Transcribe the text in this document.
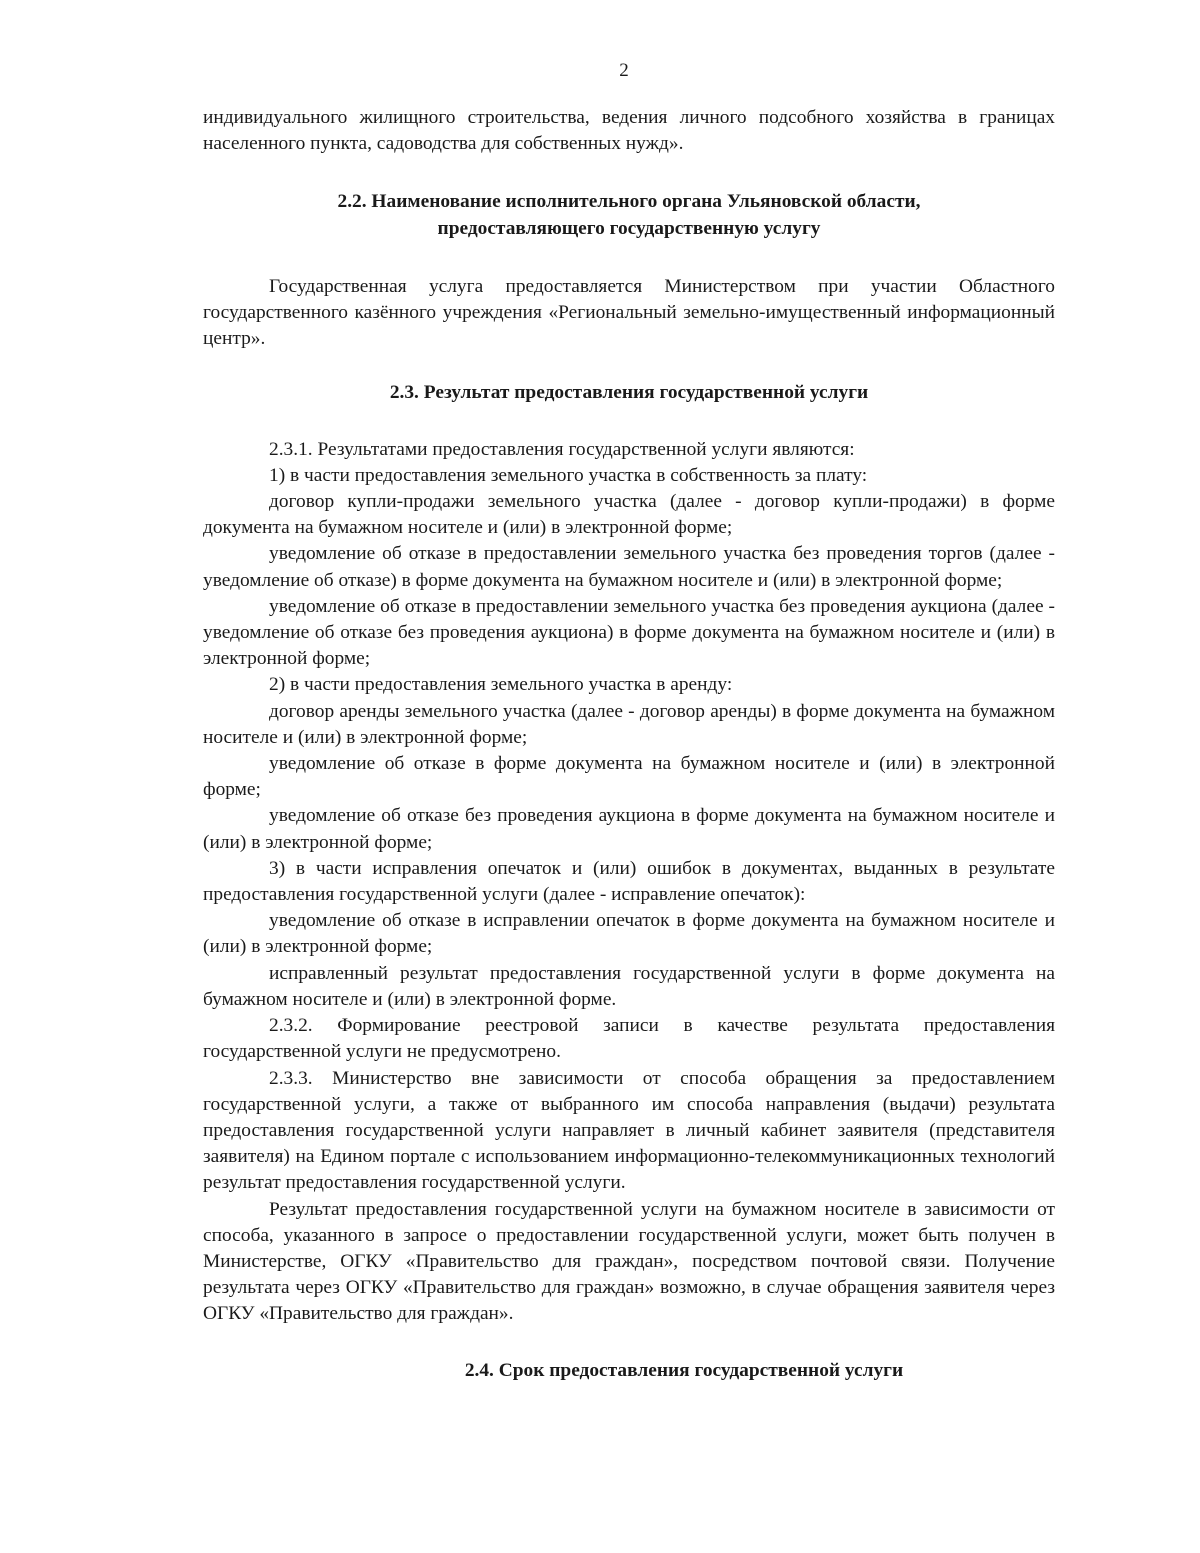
2

индивидуального жилищного строительства, ведения личного подсобного хозяйства в границах населенного пункта, садоводства для собственных нужд».

2.2. Наименование исполнительного органа Ульяновской области,
предоставляющего государственную услугу

Государственная услуга предоставляется Министерством при участии Областного государственного казённого учреждения «Региональный земельно-имущественный информационный центр».

2.3. Результат предоставления государственной услуги

2.3.1. Результатами предоставления государственной услуги являются:

1) в части предоставления земельного участка в собственность за плату:

договор купли-продажи земельного участка (далее - договор купли-продажи) в форме документа на бумажном носителе и (или) в электронной форме;

уведомление об отказе в предоставлении земельного участка без проведения торгов (далее - уведомление об отказе) в форме документа на бумажном носителе и (или) в электронной форме;

уведомление об отказе в предоставлении земельного участка без проведения аукциона (далее - уведомление об отказе без проведения аукциона) в форме документа на бумажном носителе и (или) в электронной форме;

2) в части предоставления земельного участка в аренду:

договор аренды земельного участка (далее - договор аренды) в форме документа на бумажном носителе и (или) в электронной форме;

уведомление об отказе в форме документа на бумажном носителе и (или) в электронной форме;

уведомление об отказе без проведения аукциона в форме документа на бумажном носителе и (или) в электронной форме;

3) в части исправления опечаток и (или) ошибок в документах, выданных в результате предоставления государственной услуги (далее - исправление опечаток):

уведомление об отказе в исправлении опечаток в форме документа на бумажном носителе и (или) в электронной форме;

исправленный результат предоставления государственной услуги в форме документа на бумажном носителе и (или) в электронной форме.

2.3.2. Формирование реестровой записи в качестве результата предоставления государственной услуги не предусмотрено.

2.3.3. Министерство вне зависимости от способа обращения за предоставлением государственной услуги, а также от выбранного им способа направления (выдачи) результата предоставления государственной услуги направляет в личный кабинет заявителя (представителя заявителя) на Едином портале с использованием информационно-телекоммуникационных технологий результат предоставления государственной услуги.

Результат предоставления государственной услуги на бумажном носителе в зависимости от способа, указанного в запросе о предоставлении государственной услуги, может быть получен в Министерстве, ОГКУ «Правительство для граждан», посредством почтовой связи. Получение результата через ОГКУ «Правительство для граждан» возможно, в случае обращения заявителя через ОГКУ «Правительство для граждан».

2.4. Срок предоставления государственной услуги
